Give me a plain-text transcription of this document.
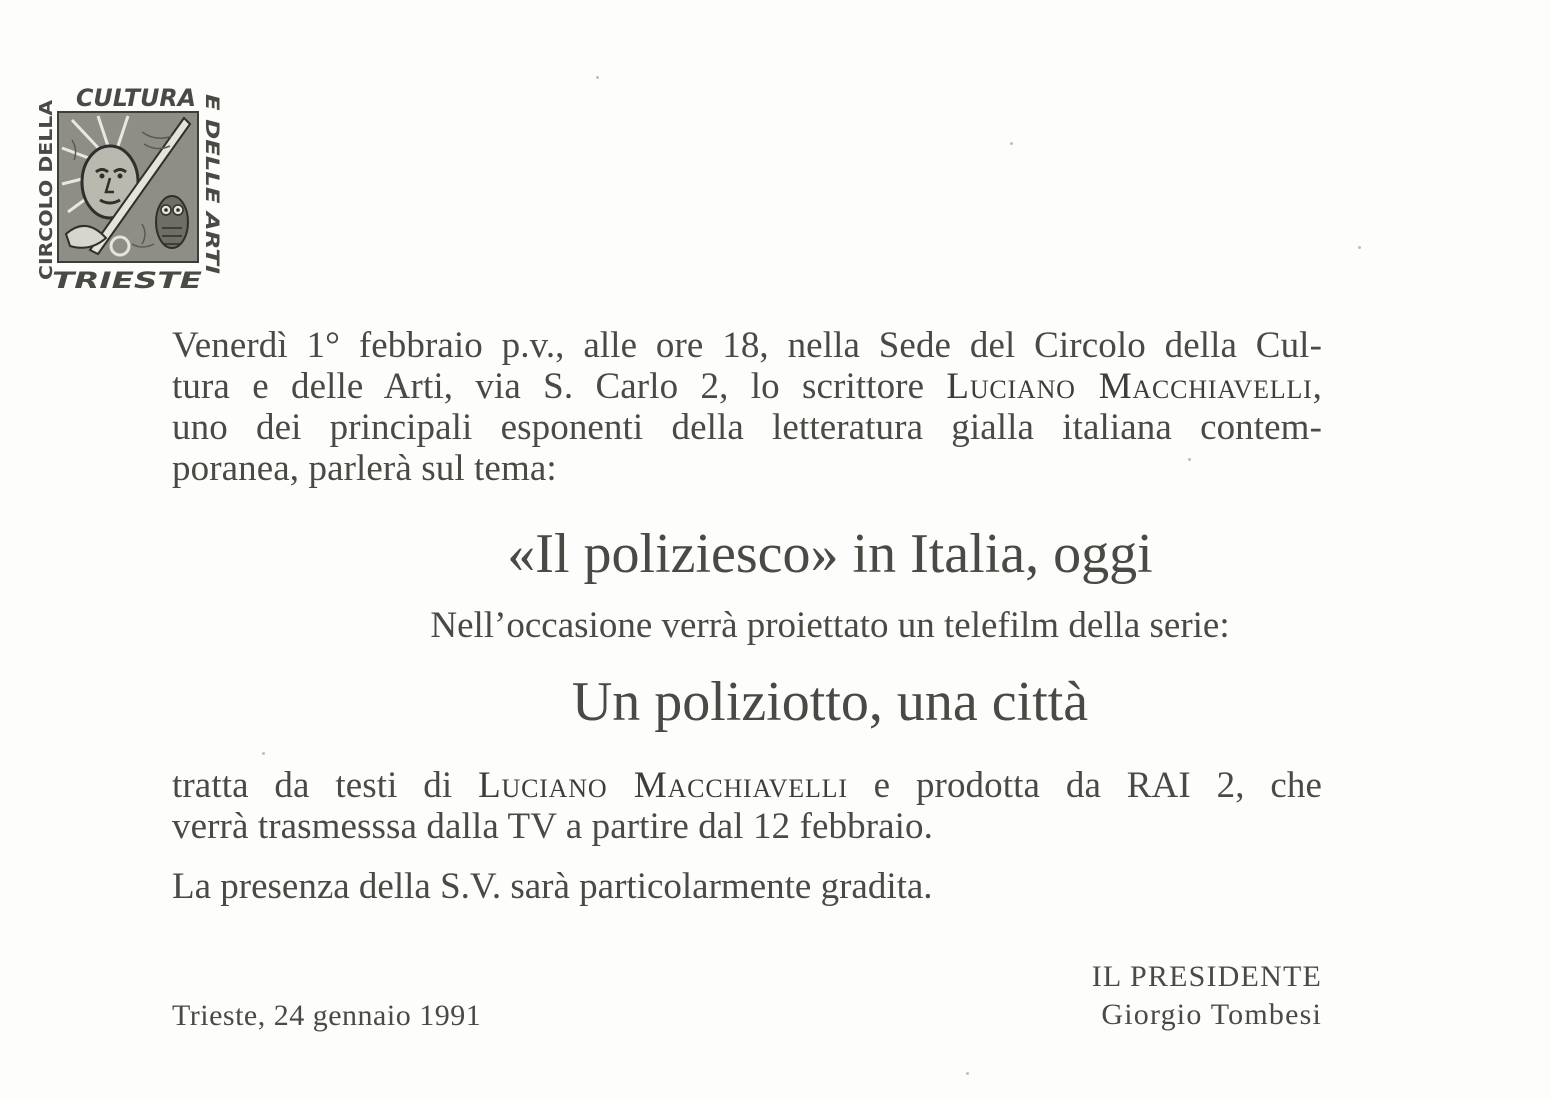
CULTURA
TRIESTE
CIRCOLO DELLA	E DELLE ARTI
Venerdì 1° febbraio p.v., alle ore 18, nella Sede del Circolo della Cul-
tura e delle Arti, via S. Carlo 2, lo scrittore Luciano Macchiavelli,
uno dei principali esponenti della letteratura gialla italiana contem-
poranea, parlerà sul tema:

«Il poliziesco» in Italia, oggi

Nell’occasione verrà proiettato un telefilm della serie:

Un poliziotto, una città

tratta da testi di Luciano Macchiavelli e prodotta da RAI 2, che
verrà trasmesssa dalla TV a partire dal 12 febbraio.

La presenza della S.V. sarà particolarmente gradita.

Trieste, 24 gennaio 1991

IL PRESIDENTE
Giorgio Tombesi
